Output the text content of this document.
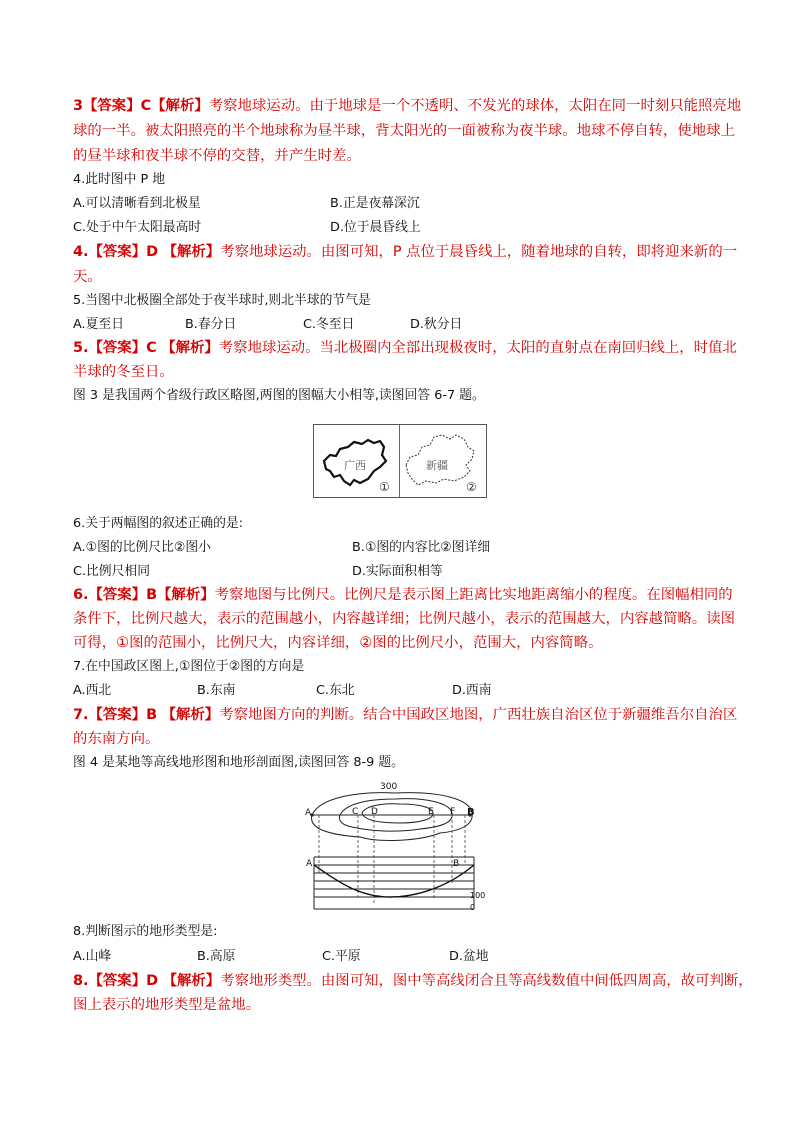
3【答案】C【解析】考察地球运动。由于地球是一个不透明、不发光的球体，太阳在同一时刻只能照亮地
球的一半。被太阳照亮的半个地球称为昼半球，背太阳光的一面被称为夜半球。地球不停自转，使地球上
的昼半球和夜半球不停的交替，并产生时差。
4.此时图中 P 地
A.可以清晰看到北极星	B.正是夜幕深沉
C.处于中午太阳最高时	D.位于晨昏线上
4.【答案】D 【解析】考察地球运动。由图可知，P 点位于晨昏线上，随着地球的自转，即将迎来新的一
天。
5.当图中北极圈全部处于夜半球时,则北半球的节气是
A.夏至日	B.春分日	C.冬至日	D.秋分日
5.【答案】C 【解析】考察地球运动。当北极圈内全部出现极夜时，太阳的直射点在南回归线上，时值北
半球的冬至日。
图 3 是我国两个省级行政区略图,两图的图幅大小相等,读图回答 6-7 题。
广西	新疆
①	②
6.关于两幅图的叙述正确的是:
A.①图的比例尺比②图小	B.①图的内容比②图详细
C.比例尺相同	D.实际面积相等
6.【答案】B【解析】考察地图与比例尺。比例尺是表示图上距离比实地距离缩小的程度。在图幅相同的
条件下，比例尺越大，表示的范围越小，内容越详细；比例尺越小，表示的范围越大，内容越简略。读图
可得，①图的范围小，比例尺大，内容详细，②图的比例尺小，范围大，内容简略。
7.在中国政区图上,①图位于②图的方向是
A.西北	B.东南	C.东北	D.西南
7.【答案】B 【解析】考察地图方向的判断。结合中国政区地图，广西壮族自治区位于新疆维吾尔自治区
的东南方向。
图 4 是某地等高线地形图和地形剖面图,读图回答 8-9 题。
300
A	C D	E F B
A	B
100
0
8.判断图示的地形类型是:
A.山峰	B.高原	C.平原	D.盆地
8.【答案】D 【解析】考察地形类型。由图可知，图中等高线闭合且等高线数值中间低四周高，故可判断，
图上表示的地形类型是盆地。
